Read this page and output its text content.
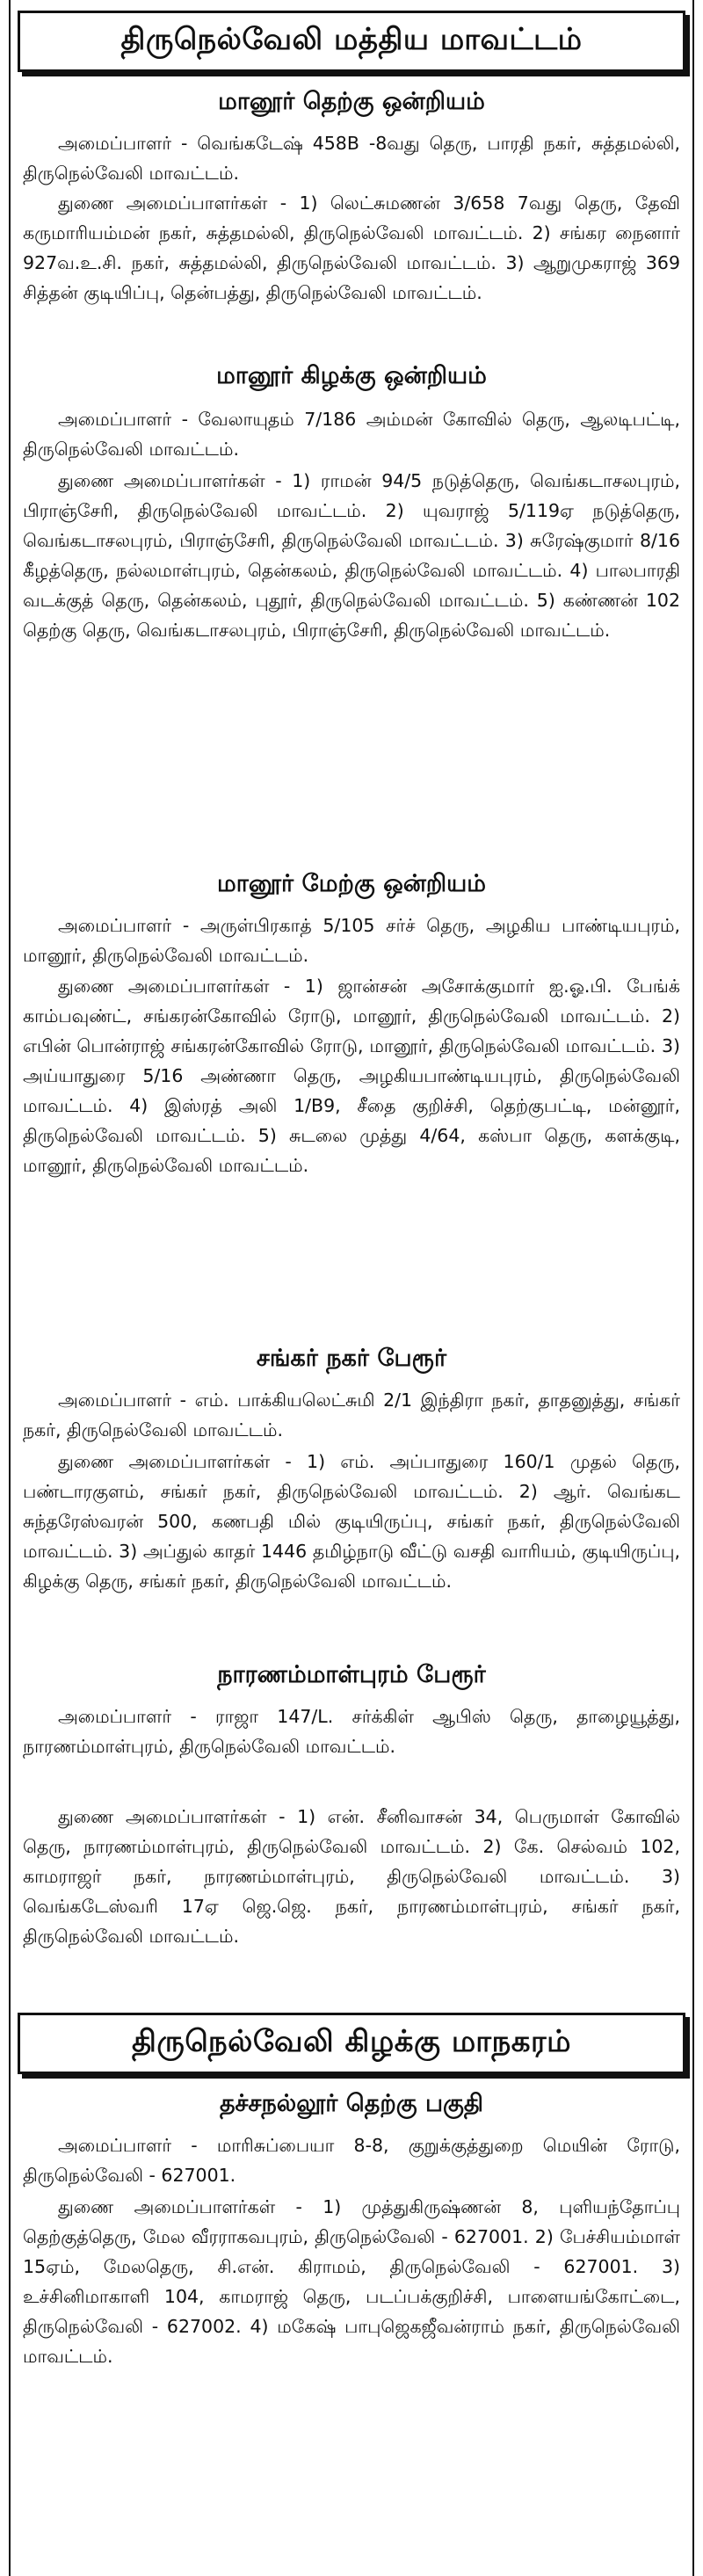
திருநெல்வேலி மத்திய மாவட்டம்
மானூர் தெற்கு ஒன்றியம்

அமைப்பாளர் - வெங்கடேஷ் 458B -8வது தெரு, பாரதி நகர், சுத்தமல்லி, திருநெல்வேலி மாவட்டம்.

துணை அமைப்பாளர்கள் - 1) லெட்சுமணன் 3/658 7வது தெரு, தேவி கருமாரியம்மன் நகர், சுத்தமல்லி, திருநெல்வேலி மாவட்டம். 2) சங்கர நைனார் 927வ.உ.சி. நகர், சுத்தமல்லி, திருநெல்வேலி மாவட்டம். 3) ஆறுமுகராஜ் 369 சித்தன் குடியிப்பு, தென்பத்து, திருநெல்வேலி மாவட்டம்.

மானூர் கிழக்கு ஒன்றியம்

அமைப்பாளர் - வேலாயுதம் 7/186 அம்மன் கோவில் தெரு, ஆலடிபட்டி, திருநெல்வேலி மாவட்டம்.

துணை அமைப்பாளர்கள் - 1) ராமன் 94/5 நடுத்தெரு, வெங்கடாசலபுரம், பிராஞ்சேரி, திருநெல்வேலி மாவட்டம். 2) யுவராஜ் 5/119ஏ நடுத்தெரு, வெங்கடாசலபுரம், பிராஞ்சேரி, திருநெல்வேலி மாவட்டம். 3) சுரேஷ்குமார் 8/16 கீழத்தெரு, நல்லமாள்புரம், தென்கலம், திருநெல்வேலி மாவட்டம். 4) பாலபாரதி வடக்குத் தெரு, தென்கலம், புதூர், திருநெல்வேலி மாவட்டம். 5) கண்ணன் 102 தெற்கு தெரு, வெங்கடாசலபுரம், பிராஞ்சேரி, திருநெல்வேலி மாவட்டம்.

மானூர் மேற்கு ஒன்றியம்

அமைப்பாளர் - அருள்பிரகாத் 5/105 சர்ச் தெரு, அழகிய பாண்டியபுரம், மானூர், திருநெல்வேலி மாவட்டம்.

துணை அமைப்பாளர்கள் - 1) ஜான்சன் அசோக்குமார் ஐ.ஓ.பி. பேங்க் காம்பவுண்ட், சங்கரன்கோவில் ரோடு, மானூர், திருநெல்வேலி மாவட்டம். 2) எபின் பொன்ராஜ் சங்கரன்கோவில் ரோடு, மானூர், திருநெல்வேலி மாவட்டம். 3) அய்யாதுரை 5/16 அண்ணா தெரு, அழகியபாண்டியபுரம், திருநெல்வேலி மாவட்டம். 4) இஸ்ரத் அலி 1/B9, சீதை குறிச்சி, தெற்குபட்டி, மன்னூர், திருநெல்வேலி மாவட்டம். 5) சுடலை முத்து 4/64, கஸ்பா தெரு, களக்குடி, மானூர், திருநெல்வேலி மாவட்டம்.

சங்கர் நகர் பேரூர்

அமைப்பாளர் - எம். பாக்கியலெட்சுமி 2/1 இந்திரா நகர், தாதனுத்து, சங்கர் நகர், திருநெல்வேலி மாவட்டம்.

துணை அமைப்பாளர்கள் - 1) எம். அப்பாதுரை 160/1 முதல் தெரு, பண்டாரகுளம், சங்கர் நகர், திருநெல்வேலி மாவட்டம். 2) ஆர். வெங்கட சுந்தரேஸ்வரன் 500, கணபதி மில் குடியிருப்பு, சங்கர் நகர், திருநெல்வேலி மாவட்டம். 3) அப்துல் காதர் 1446 தமிழ்நாடு வீட்டு வசதி வாரியம், குடியிருப்பு, கிழக்கு தெரு, சங்கர் நகர், திருநெல்வேலி மாவட்டம்.

நாரணம்மாள்புரம் பேரூர்

அமைப்பாளர் - ராஜா 147/L. சர்க்கிள் ஆபிஸ் தெரு, தாழையூத்து, நாரணம்மாள்புரம், திருநெல்வேலி மாவட்டம்.

துணை அமைப்பாளர்கள் - 1) என். சீனிவாசன் 34, பெருமாள் கோவில் தெரு, நாரணம்மாள்புரம், திருநெல்வேலி மாவட்டம். 2) கே. செல்வம் 102, காமராஜர் நகர், நாரணம்மாள்புரம், திருநெல்வேலி மாவட்டம். 3) வெங்கடேஸ்வரி 17ஏ ஜெ.ஜெ. நகர், நாரணம்மாள்புரம், சங்கர் நகர், திருநெல்வேலி மாவட்டம்.

திருநெல்வேலி கிழக்கு மாநகரம்
தச்சநல்லூர் தெற்கு பகுதி

அமைப்பாளர் - மாரிசுப்பையா 8-8, குறுக்குத்துறை மெயின் ரோடு, திருநெல்வேலி - 627001.

துணை அமைப்பாளர்கள் - 1) முத்துகிருஷ்ணன் 8, புளியந்தோப்பு தெற்குத்தெரு, மேல வீரராகவபுரம், திருநெல்வேலி - 627001. 2) பேச்சியம்மாள் 15ஏம், மேலதெரு, சி.என். கிராமம், திருநெல்வேலி - 627001. 3) உச்சினிமாகாளி 104, காமராஜ் தெரு, படப்பக்குறிச்சி, பாளையங்கோட்டை, திருநெல்வேலி - 627002. 4) மகேஷ் பாபுஜெகஜீவன்ராம் நகர், திருநெல்வேலி மாவட்டம்.
